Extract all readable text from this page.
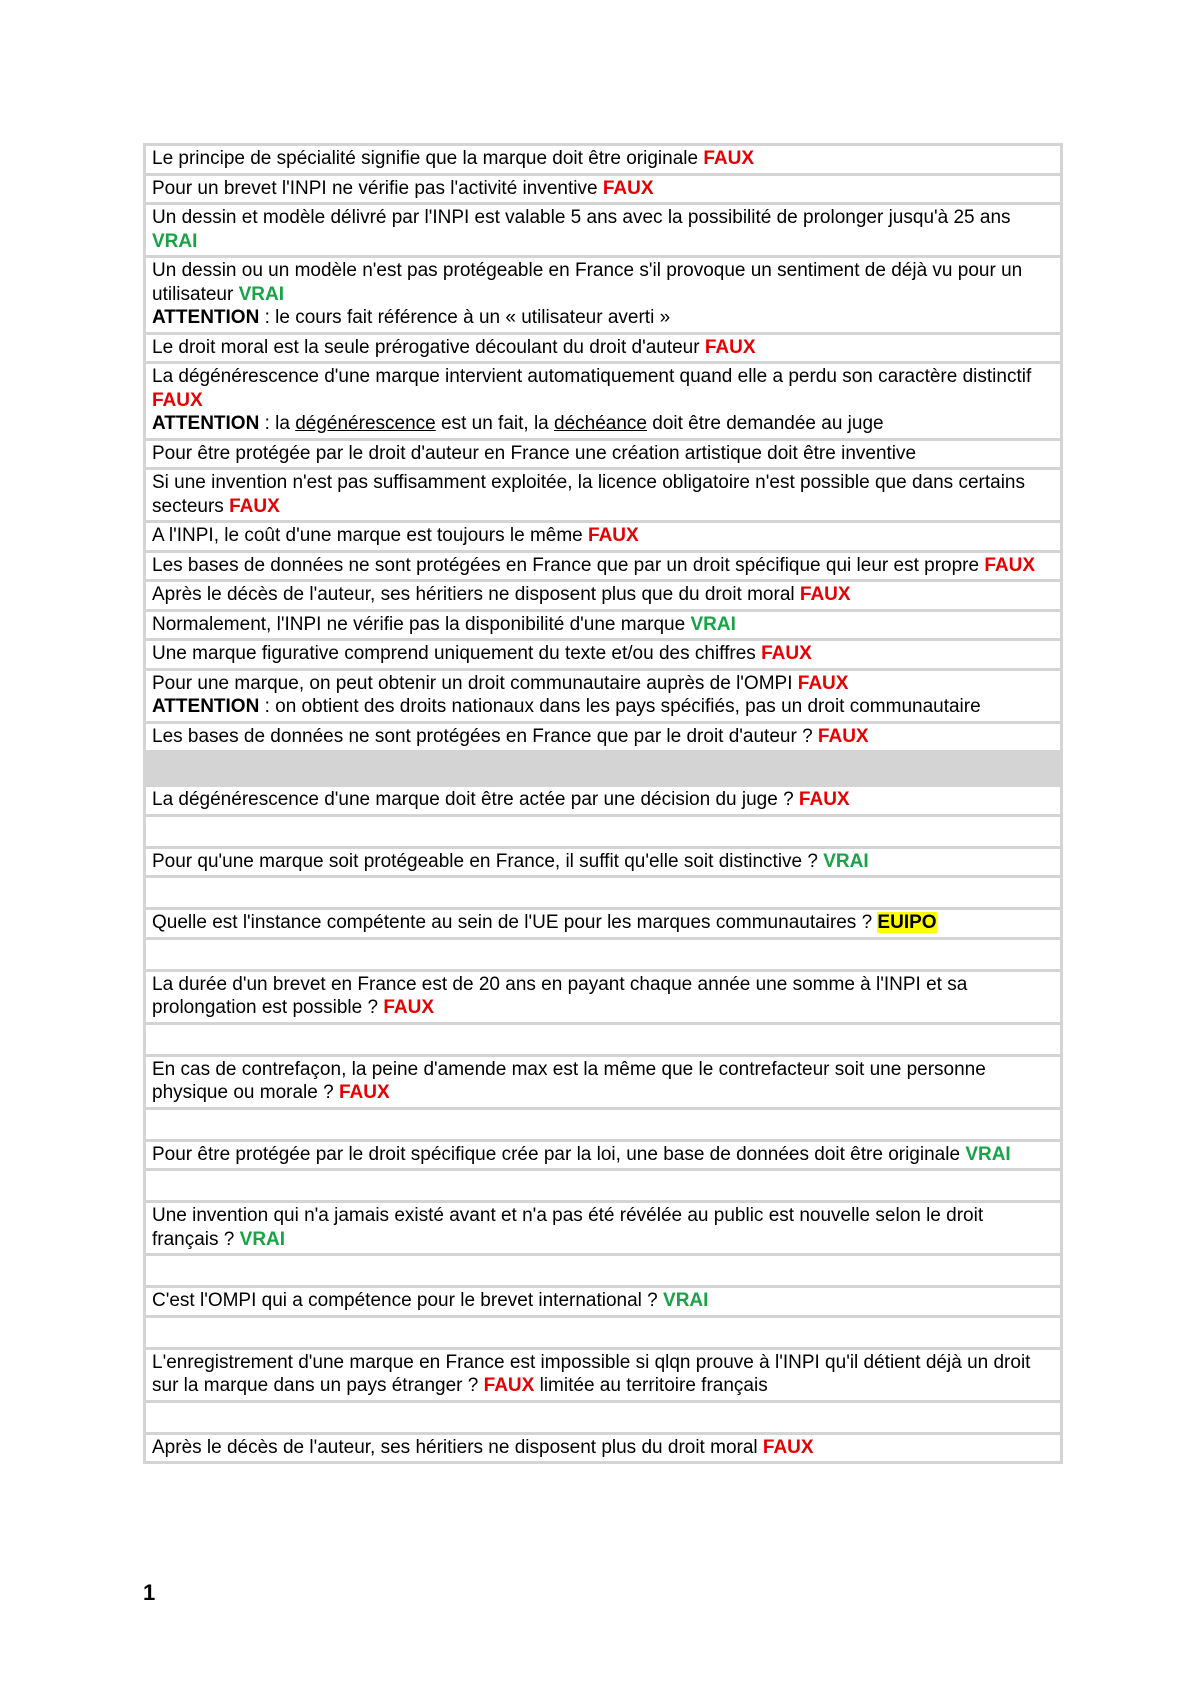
Le principe de spécialité signifie que la marque doit être originale FAUX
Pour un brevet l'INPI ne vérifie pas l'activité inventive FAUX
Un dessin et modèle délivré par l'INPI est valable 5 ans avec la possibilité de prolonger jusqu'à 25 ans VRAI
Un dessin ou un modèle n'est pas protégeable en France s'il provoque un sentiment de déjà vu pour un utilisateur VRAI
ATTENTION : le cours fait référence à un « utilisateur averti »
Le droit moral est la seule prérogative découlant du droit d'auteur FAUX
La dégénérescence d'une marque intervient automatiquement quand elle a perdu son caractère distinctif FAUX
ATTENTION : la dégénérescence est un fait, la déchéance doit être demandée au juge
Pour être protégée par le droit d'auteur en France une création artistique doit être inventive
Si une invention n'est pas suffisamment exploitée, la licence obligatoire n'est possible que dans certains secteurs FAUX
A l'INPI, le coût d'une marque est toujours le même FAUX
Les bases de données ne sont protégées en France que par un droit spécifique qui leur est propre FAUX
Après le décès de l'auteur, ses héritiers ne disposent plus que du droit moral FAUX
Normalement, l'INPI ne vérifie pas la disponibilité d'une marque VRAI
Une marque figurative comprend uniquement du texte et/ou des chiffres FAUX
Pour une marque, on peut obtenir un droit communautaire auprès de l'OMPI FAUX
ATTENTION : on obtient des droits nationaux dans les pays spécifiés, pas un droit communautaire
Les bases de données ne sont protégées en France que par le droit d'auteur ? FAUX

La dégénérescence d'une marque doit être actée par une décision du juge ? FAUX

Pour qu'une marque soit protégeable en France, il suffit qu'elle soit distinctive ? VRAI

Quelle est l'instance compétente au sein de l'UE pour les marques communautaires ? EUIPO

La durée d'un brevet en France est de 20 ans en payant chaque année une somme à l'INPI et sa prolongation est possible ? FAUX

En cas de contrefaçon, la peine d'amende max est la même que le contrefacteur soit une personne physique ou morale ? FAUX

Pour être protégée par le droit spécifique crée par la loi, une base de données doit être originale VRAI

Une invention qui n'a jamais existé avant et n'a pas été révélée au public est nouvelle selon le droit français ? VRAI

C'est l'OMPI qui a compétence pour le brevet international ? VRAI

L'enregistrement d'une marque en France est impossible si qlqn prouve à l'INPI qu'il détient déjà un droit sur la marque dans un pays étranger ? FAUX limitée au territoire français

Après le décès de l'auteur, ses héritiers ne disposent plus du droit moral FAUX
1
